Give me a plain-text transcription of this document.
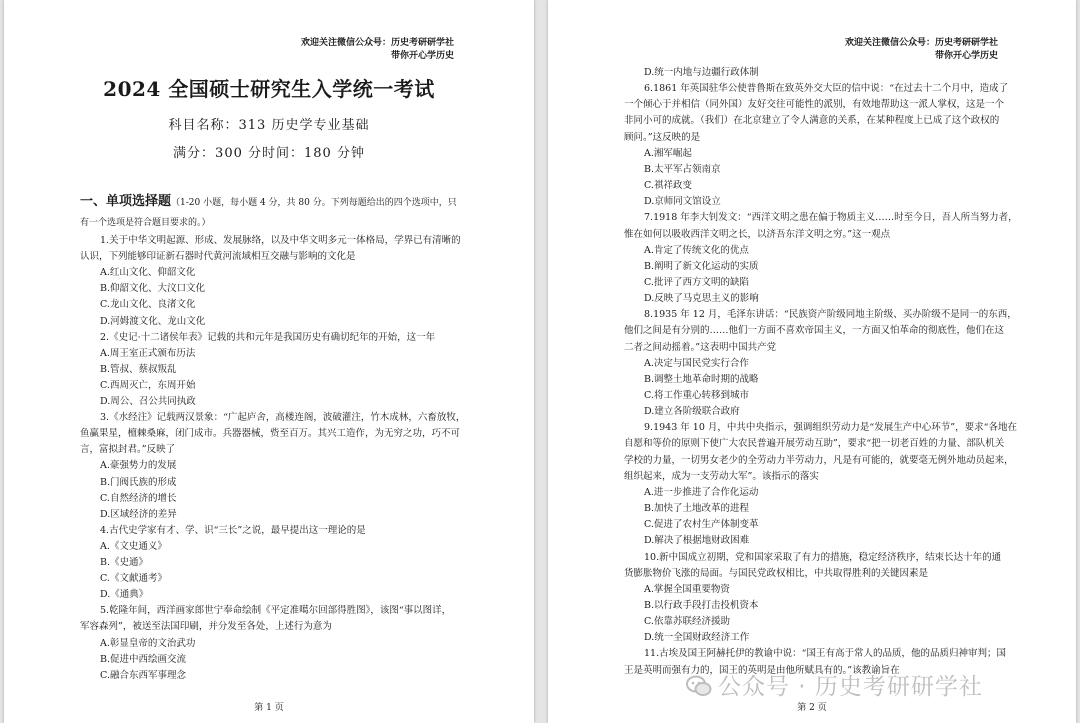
欢迎关注微信公众号：历史考研研学社
带你开心学历史
2024 全国硕士研究生入学统一考试
科目名称：313 历史学专业基础
满分：300 分时间：180 分钟
一、单项选择题（1-20 小题，每小题 4 分，共 80 分。下列每题给出的四个选项中，只
有一个选项是符合题目要求的。）
1.关于中华文明起源、形成、发展脉络，以及中华文明多元一体格局，学界已有清晰的
认识，下列能够印证新石器时代黄河流域相互交融与影响的文化是
A.红山文化、仰韶文化
B.仰韶文化、大汶口文化
C.龙山文化、良渚文化
D.河姆渡文化、龙山文化
2.《史记·十二诸侯年表》记载的共和元年是我国历史有确切纪年的开始，这一年
A.周王室正式颁布历法
B.管叔、蔡叔叛乱
C.西周灭亡，东周开始
D.周公、召公共同执政
3.《水经注》记载两汉景象：“广起庐舍，高楼连阁，波破灌注，竹木成林，六畜放牧，
鱼赢果星，檀棘桑麻，闭门成市。兵器器械，赀至百万。其兴工造作，为无穷之功，巧不可
言，富拟封君。”反映了
A.豪强势力的发展
B.门阀氏族的形成
C.自然经济的增长
D.区域经济的差异
4.古代史学家有才、学、识“三长”之说，最早提出这一理论的是
A.《文史通义》
B.《史通》
C.《文献通考》
D.《通典》
5.乾隆年间，西洋画家郎世宁奉命绘制《平定准噶尔回部得胜图》，该图“事以图详，
军容森列”，被送至法国印刷，并分发至各处，上述行为意为
A.彰显皇帝的文治武功
B.促进中西绘画交流
C.融合东西军事理念
第 1 页
欢迎关注微信公众号：历史考研研学社
带你开心学历史
D.统一内地与边疆行政体制
6.1861 年英国驻华公使普鲁斯在致英外交大臣的信中说：“在过去十二个月中，造成了
一个倾心于并相信（同外国）友好交往可能性的派别，有效地帮助这一派人掌权，这是一个
非同小可的成就。（我们）在北京建立了令人满意的关系，在某种程度上已成了这个政权的
顾问。”这反映的是
A.湘军崛起
B.太平军占领南京
C.祺祥政变
D.京师同文馆设立
7.1918 年李大钊发文：“西洋文明之患在偏于物质主义……时至今日，吾人所当努力者，
惟在如何以吸收西洋文明之长，以济吾东洋文明之穷。”这一观点
A.肯定了传统文化的优点
B.阐明了新文化运动的实质
C.批评了西方文明的缺陷
D.反映了马克思主义的影响
8.1935 年 12 月，毛泽东讲话：“民族资产阶级同地主阶级、买办阶级不是同一的东西，
他们之间是有分别的……他们一方面不喜欢帝国主义，一方面又怕革命的彻底性，他们在这
二者之间动摇着。”这表明中国共产党
A.决定与国民党实行合作
B.调整土地革命时期的战略
C.将工作重心转移到城市
D.建立各阶级联合政府
9.1943 年 10 月，中共中央指示，强调组织劳动力是“发展生产中心环节”，要求“各地在
自愿和等价的原则下使广大农民普遍开展劳动互助”，要求“把一切老百姓的力量、部队机关
学校的力量，一切男女老少的全劳动力半劳动力，凡是有可能的，就要毫无例外地动员起来，
组织起来，成为一支劳动大军”。该指示的落实
A.进一步推进了合作化运动
B.加快了土地改革的进程
C.促进了农村生产体制变革
D.解决了根据地财政困难
10.新中国成立初期，党和国家采取了有力的措施，稳定经济秩序，结束长达十年的通
货膨胀物价飞涨的局面。与国民党政权相比，中共取得胜利的关键因素是
A.掌握全国重要物资
B.以行政手段打击投机资本
C.依靠苏联经济援助
D.统一全国财政经济工作
11.古埃及国王阿赫托伊的教谕中说：“国王有高于常人的品质，他的品质归神审判；国
王是英明而强有力的，国王的英明是由他所赋具有的。”该教谕旨在
第 2 页
公众号 · 历史考研研学社
